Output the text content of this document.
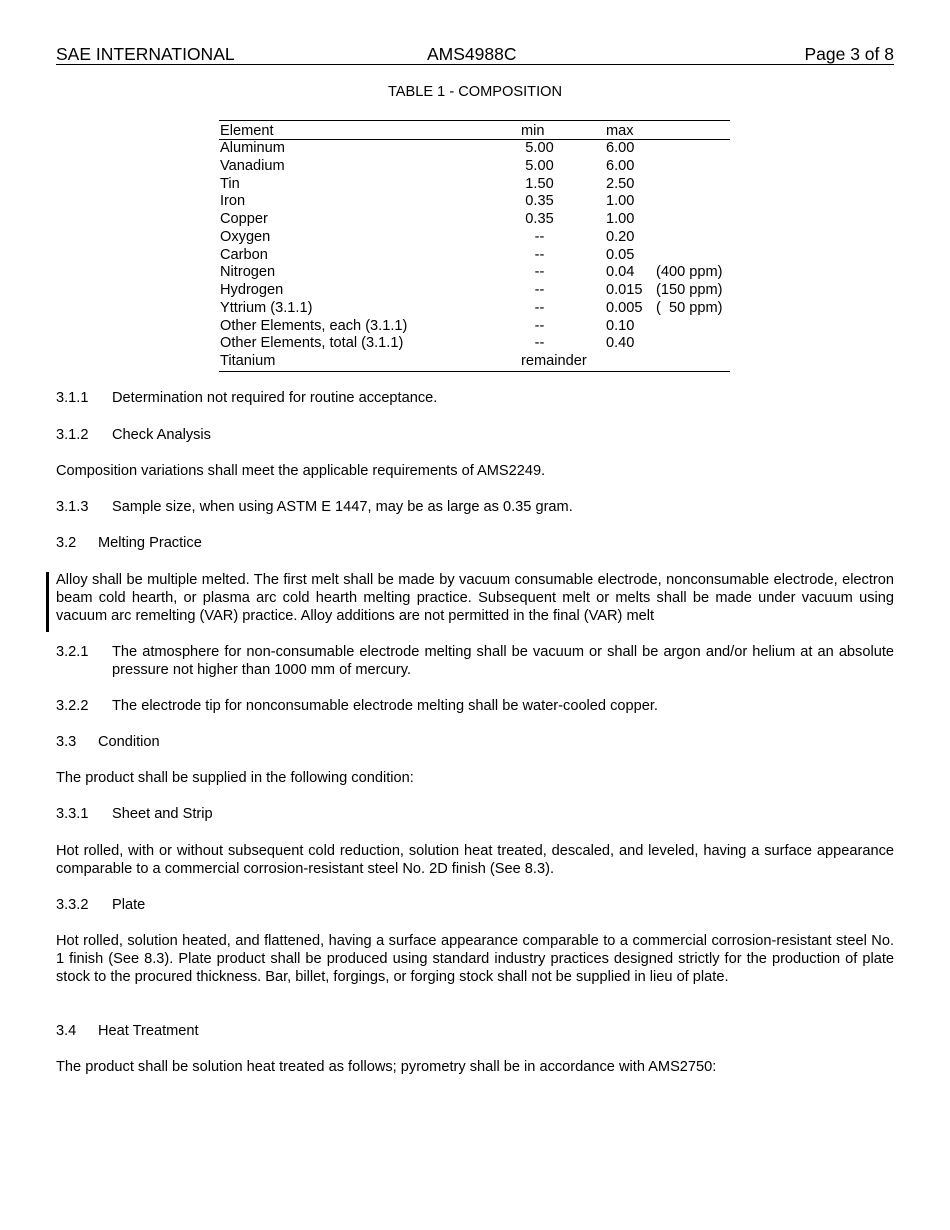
SAE INTERNATIONAL	AMS4988C	Page 3 of 8
TABLE 1 - COMPOSITION
Element	min	max
Aluminum	5.00	6.00
Vanadium	5.00	6.00
Tin	1.50	2.50
Iron	0.35	1.00
Copper	0.35	1.00
Oxygen	--	0.20
Carbon	--	0.05
Nitrogen	--	0.04 (400 ppm)
Hydrogen	--	0.015 (150 ppm)
Yttrium (3.1.1)	--	0.005 (  50 ppm)
Other Elements, each (3.1.1)	--	0.10
Other Elements, total (3.1.1)	--	0.40
Titanium	remainder
3.1.1 Determination not required for routine acceptance.
3.1.2 Check Analysis
Composition variations shall meet the applicable requirements of AMS2249.
3.1.3 Sample size, when using ASTM E 1447, may be as large as 0.35 gram.
3.2 Melting Practice
Alloy shall be multiple melted. The first melt shall be made by vacuum consumable electrode, nonconsumable electrode, electron beam cold hearth, or plasma arc cold hearth melting practice. Subsequent melt or melts shall be made under vacuum using vacuum arc remelting (VAR) practice. Alloy additions are not permitted in the final (VAR) melt
3.2.1 The atmosphere for non-consumable electrode melting shall be vacuum or shall be argon and/or helium at an absolute pressure not higher than 1000 mm of mercury.
3.2.2 The electrode tip for nonconsumable electrode melting shall be water-cooled copper.
3.3 Condition
The product shall be supplied in the following condition:
3.3.1 Sheet and Strip
Hot rolled, with or without subsequent cold reduction, solution heat treated, descaled, and leveled, having a surface appearance comparable to a commercial corrosion-resistant steel No. 2D finish (See 8.3).
3.3.2 Plate
Hot rolled, solution heated, and flattened, having a surface appearance comparable to a commercial corrosion-resistant steel No. 1 finish (See 8.3). Plate product shall be produced using standard industry practices designed strictly for the production of plate stock to the procured thickness. Bar, billet, forgings, or forging stock shall not be supplied in lieu of plate.
3.4 Heat Treatment
The product shall be solution heat treated as follows; pyrometry shall be in accordance with AMS2750:
